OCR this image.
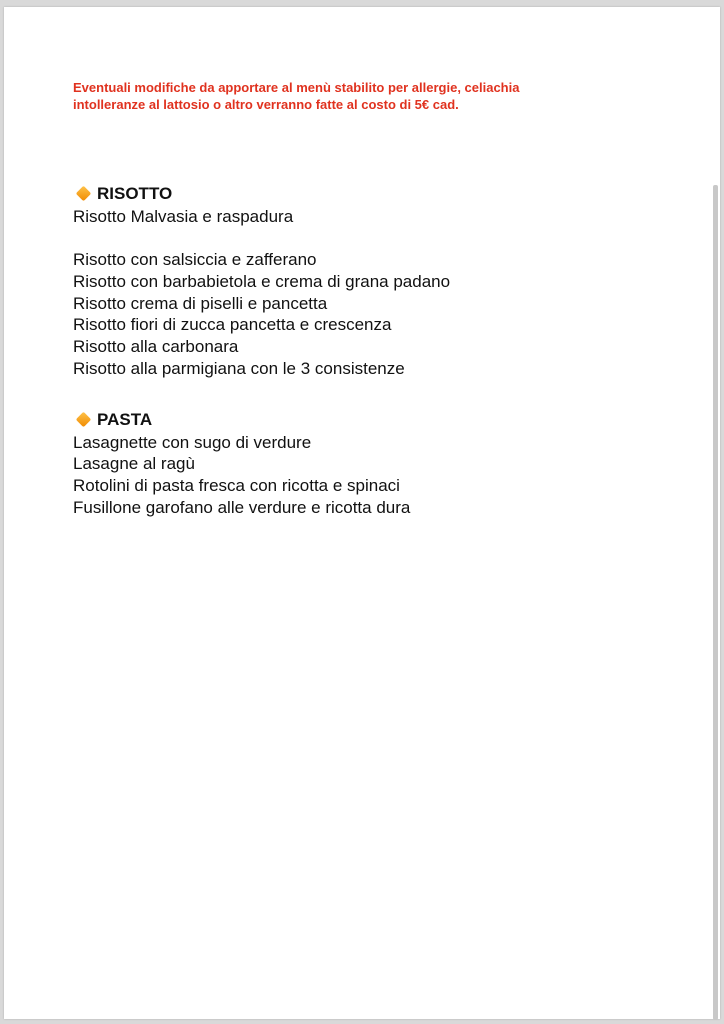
Eventuali modifiche da apportare al menù stabilito per allergie, celiachia
intolleranze al lattosio o altro verranno fatte al costo di 5€ cad.
RISOTTO
Risotto Malvasia e raspadura
Risotto con salsiccia e zafferano
Risotto con barbabietola e crema di grana padano
Risotto crema di piselli e pancetta
Risotto fiori di zucca pancetta e crescenza
Risotto alla carbonara
Risotto alla parmigiana con le 3 consistenze
PASTA
Lasagnette con sugo di verdure
Lasagne al ragù
Rotolini di pasta fresca con ricotta e spinaci
Fusillone garofano alle verdure e ricotta dura
